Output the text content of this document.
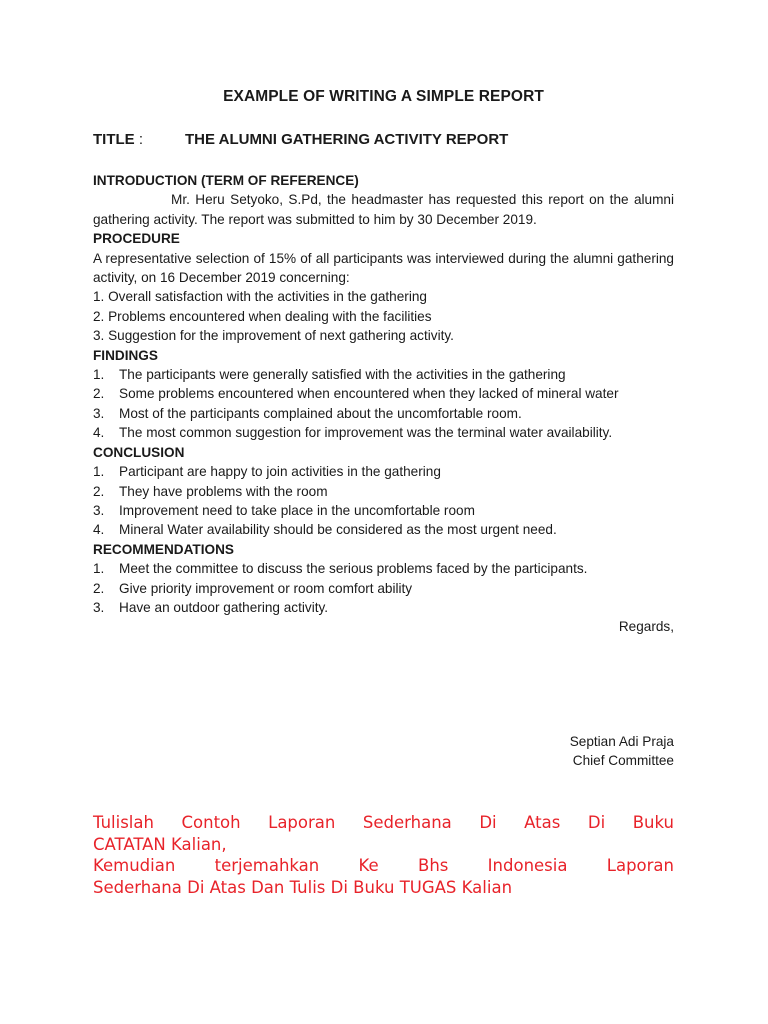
EXAMPLE OF WRITING A SIMPLE REPORT
TITLE :	THE ALUMNI GATHERING ACTIVITY REPORT
INTRODUCTION (TERM OF REFERENCE)
Mr. Heru Setyoko, S.Pd, the headmaster has requested this report on the alumni gathering activity. The report was submitted to him by 30 December 2019.
PROCEDURE
A representative selection of 15% of all participants was interviewed during the alumni gathering activity, on 16 December 2019 concerning:
1. Overall satisfaction with the activities in the gathering
2. Problems encountered when dealing with the facilities
3. Suggestion for the improvement of next gathering activity.
FINDINGS
1. The participants were generally satisfied with the activities in the gathering
2. Some problems encountered when encountered when they lacked of mineral water
3. Most of the participants complained about the uncomfortable room.
4. The most common suggestion for improvement was the terminal water availability.
CONCLUSION
1. Participant are happy to join activities in the gathering
2. They have problems with the room
3. Improvement need to take place in the uncomfortable room
4. Mineral Water availability should be considered as the most urgent need.
RECOMMENDATIONS
1. Meet the committee to discuss the serious problems faced by the participants.
2. Give priority improvement or room comfort ability
3. Have an outdoor gathering activity.
Regards,
Septian Adi Praja
Chief Committee
Tulislah Contoh Laporan Sederhana Di Atas Di Buku
CATATAN Kalian,
Kemudian terjemahkan Ke Bhs Indonesia Laporan
Sederhana Di Atas Dan Tulis Di Buku TUGAS Kalian
